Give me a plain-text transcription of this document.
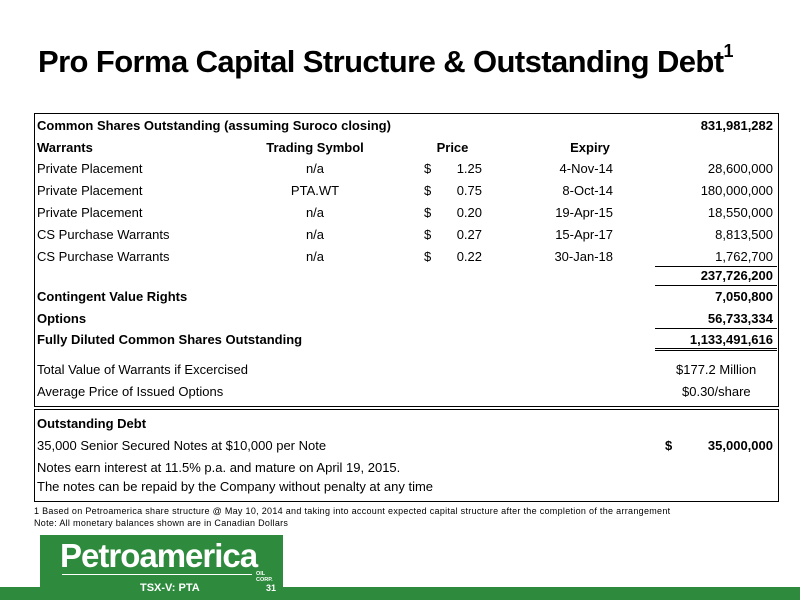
Pro Forma Capital Structure & Outstanding Debt$^1$
Common Shares Outstanding (assuming Suroco closing)	831,981,282
Warrants	Trading Symbol	Price	Expiry
Private Placement	n/a	$	1.25	4-Nov-14	28,600,000
Private Placement	PTA.WT	$	0.75	8-Oct-14	180,000,000
Private Placement	n/a	$	0.20	19-Apr-15	18,550,000
CS Purchase Warrants	n/a	$	0.27	15-Apr-17	8,813,500
CS Purchase Warrants	n/a	$	0.22	30-Jan-18	1,762,700
237,726,200
Contingent Value Rights	7,050,800
Options	56,733,334
Fully Diluted Common Shares Outstanding	1,133,491,616
Total Value of Warrants if Excercised	$177.2 Million
Average Price of Issued Options	$0.30/share
Outstanding Debt
35,000 Senior Secured Notes at $10,000 per Note	$	35,000,000
Notes earn interest at 11.5% p.a. and mature on April 19, 2015.
The notes can be repaid by the Company without penalty at any time
1 Based on Petroamerica share structure @ May 10, 2014 and taking into account expected capital structure after the completion of the arrangement
Note: All monetary balances shown are in Canadian Dollars
Petroamerica
OIL CORP.
TSX-V: PTA	31
